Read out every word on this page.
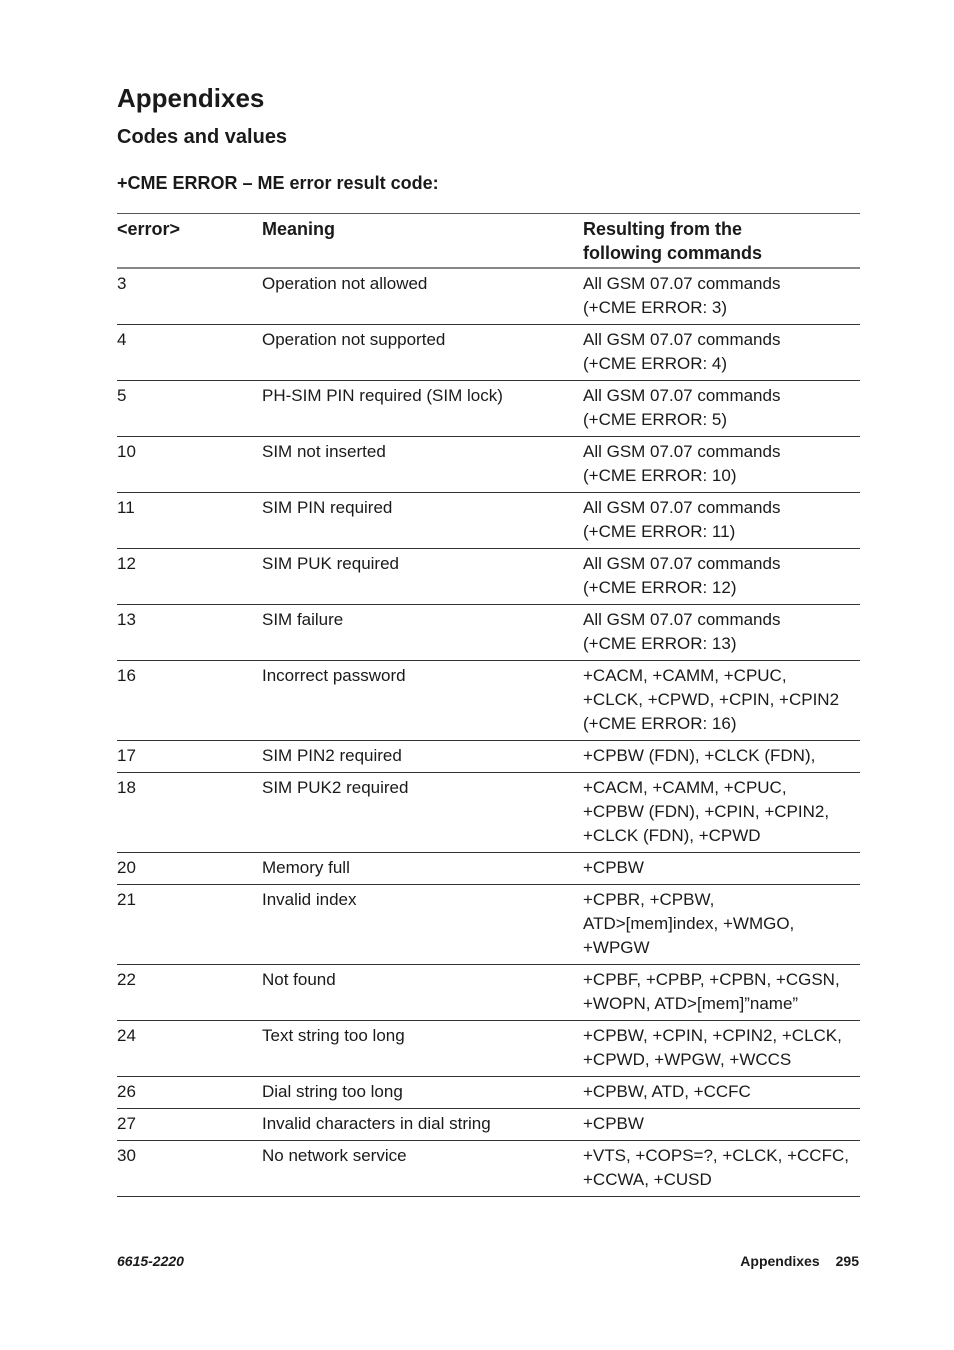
Appendixes
Codes and values
+CME ERROR – ME error result code:
<error>	Meaning	Resulting from the
following commands
3	Operation not allowed	All GSM 07.07 commands
(+CME ERROR: 3)
4	Operation not supported	All GSM 07.07 commands
(+CME ERROR: 4)
5	PH-SIM PIN required (SIM lock)	All GSM 07.07 commands
(+CME ERROR: 5)
10	SIM not inserted	All GSM 07.07 commands
(+CME ERROR: 10)
11	SIM PIN required	All GSM 07.07 commands
(+CME ERROR: 11)
12	SIM PUK required	All GSM 07.07 commands
(+CME ERROR: 12)
13	SIM failure	All GSM 07.07 commands
(+CME ERROR: 13)
16	Incorrect password	+CACM, +CAMM, +CPUC,
+CLCK, +CPWD, +CPIN, +CPIN2
(+CME ERROR: 16)
17	SIM PIN2 required	+CPBW (FDN), +CLCK (FDN),
18	SIM PUK2 required	+CACM, +CAMM, +CPUC,
+CPBW (FDN), +CPIN, +CPIN2,
+CLCK (FDN), +CPWD
20	Memory full	+CPBW
21	Invalid index	+CPBR, +CPBW,
ATD>[mem]index, +WMGO,
+WPGW
22	Not found	+CPBF, +CPBP, +CPBN, +CGSN,
+WOPN, ATD>[mem]”name”
24	Text string too long	+CPBW, +CPIN, +CPIN2, +CLCK,
+CPWD, +WPGW, +WCCS
26	Dial string too long	+CPBW, ATD, +CCFC
27	Invalid characters in dial string	+CPBW
30	No network service	+VTS, +COPS=?, +CLCK, +CCFC,
+CCWA, +CUSD
6615-2220	Appendixes 295
